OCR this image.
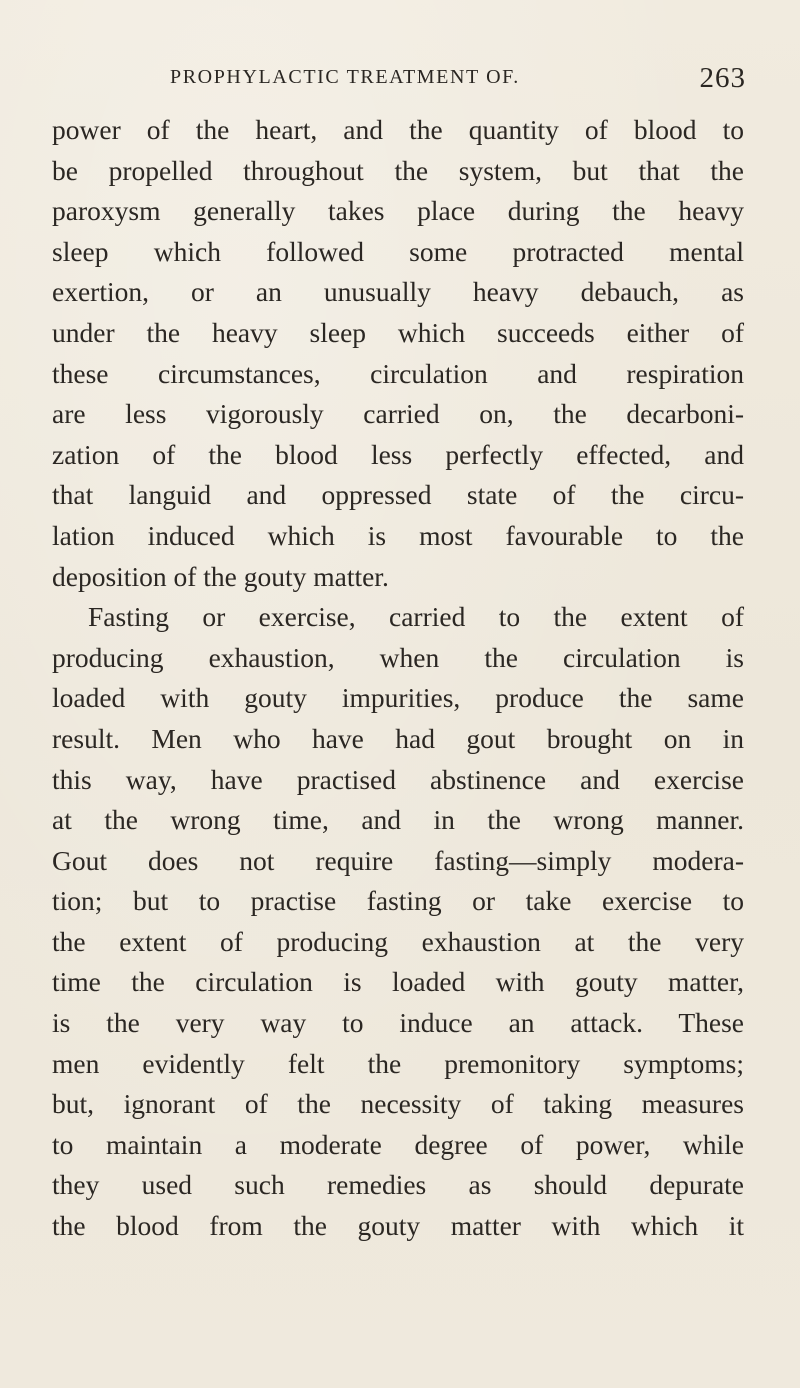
PROPHYLACTIC TREATMENT OF.	263
power of the heart, and the quantity of blood to
be propelled throughout the system, but that the
paroxysm generally takes place during the heavy
sleep which followed some protracted mental
exertion, or an unusually heavy debauch, as
under the heavy sleep which succeeds either of
these circumstances, circulation and respiration
are less vigorously carried on, the decarboni-
zation of the blood less perfectly effected, and
that languid and oppressed state of the circu-
lation induced which is most favourable to the
deposition of the gouty matter.
Fasting or exercise, carried to the extent of
producing exhaustion, when the circulation is
loaded with gouty impurities, produce the same
result. Men who have had gout brought on in
this way, have practised abstinence and exercise
at the wrong time, and in the wrong manner.
Gout does not require fasting—simply modera-
tion; but to practise fasting or take exercise to
the extent of producing exhaustion at the very
time the circulation is loaded with gouty matter,
is the very way to induce an attack. These
men evidently felt the premonitory symptoms;
but, ignorant of the necessity of taking measures
to maintain a moderate degree of power, while
they used such remedies as should depurate
the blood from the gouty matter with which it
